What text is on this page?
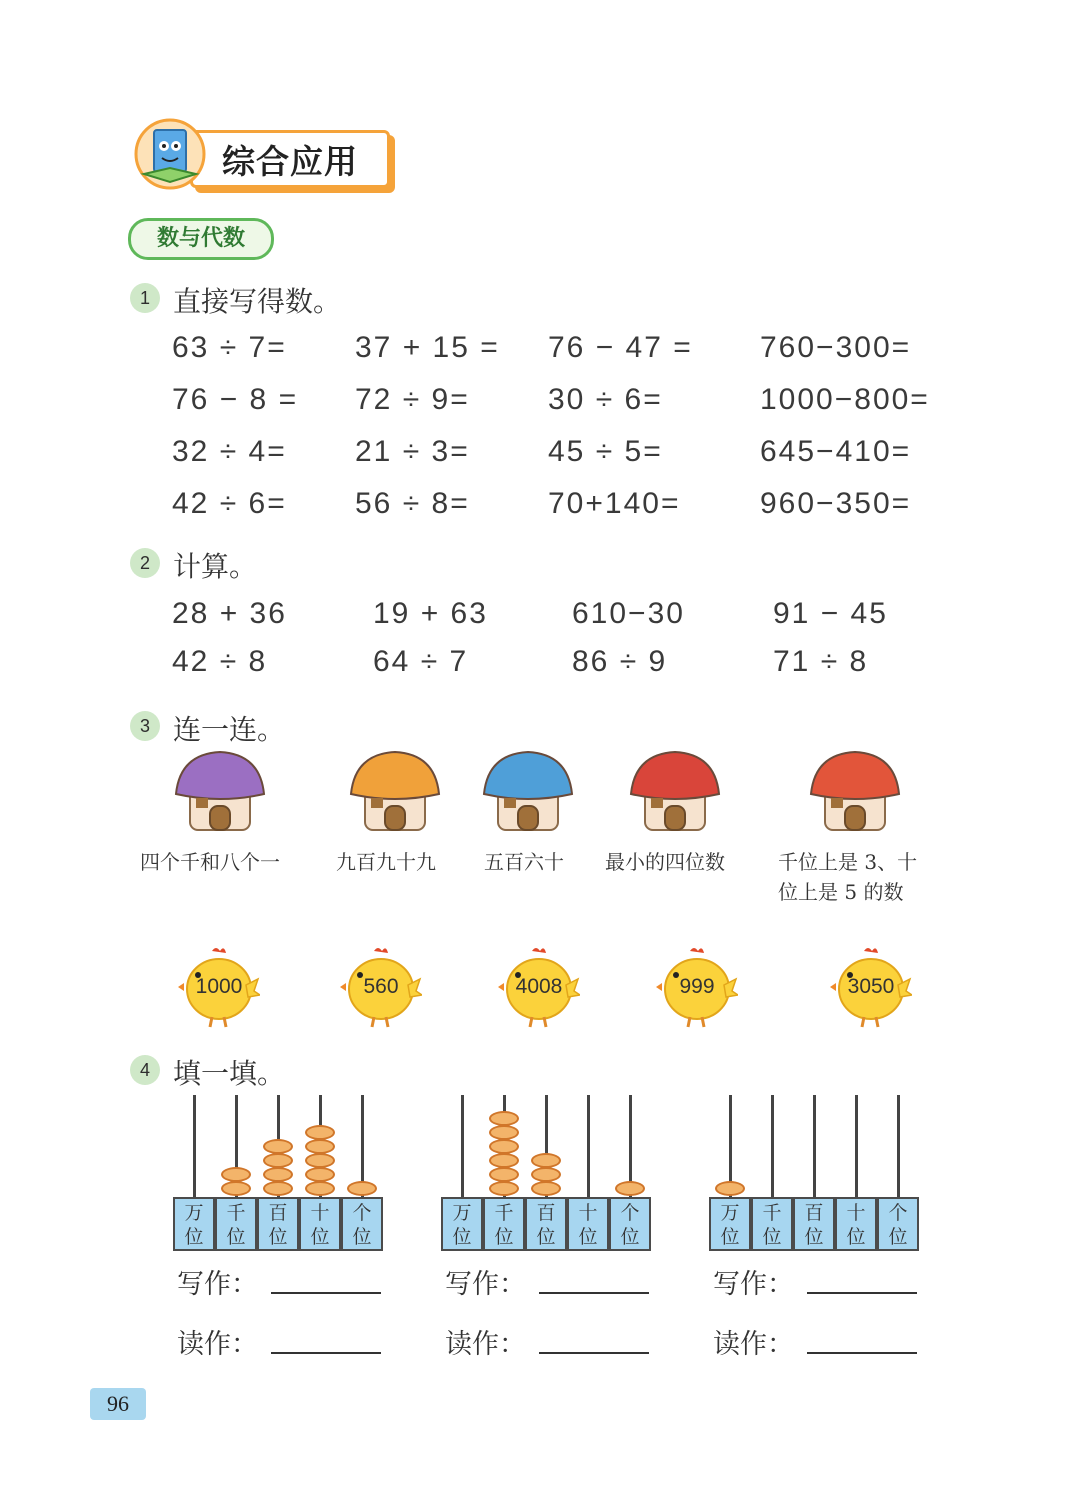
综合应用
数与代数
1 直接写得数。
63 ÷ 7= 37 + 15 = 76 − 47 = 760−300=
76 − 8 = 72 ÷ 9=	30 ÷ 6=	1000−800=
32 ÷ 4= 21 ÷ 3=	45 ÷ 5=	645−410=
42 ÷ 6= 56 ÷ 8=	70+140=	960−350=
2 计算。
28 + 36	19 + 63	610−30	91 − 45
42 ÷ 8	64 ÷ 7	86 ÷ 9	71 ÷ 8
3 连一连。
四个千和八个一	九百九十九 五百六十 最小的四位数	千位上是 3、十
位上是 5 的数
1000	560	4008	999	3050
4 填一填。
万
位
千
位
百
位
十
位
个
位
写作：
读作：
万
位
千
位
百
位
十
位
个
位
写作：
读作：
万
位
千
位
百
位
十
位
个
位
写作：
读作：
96
